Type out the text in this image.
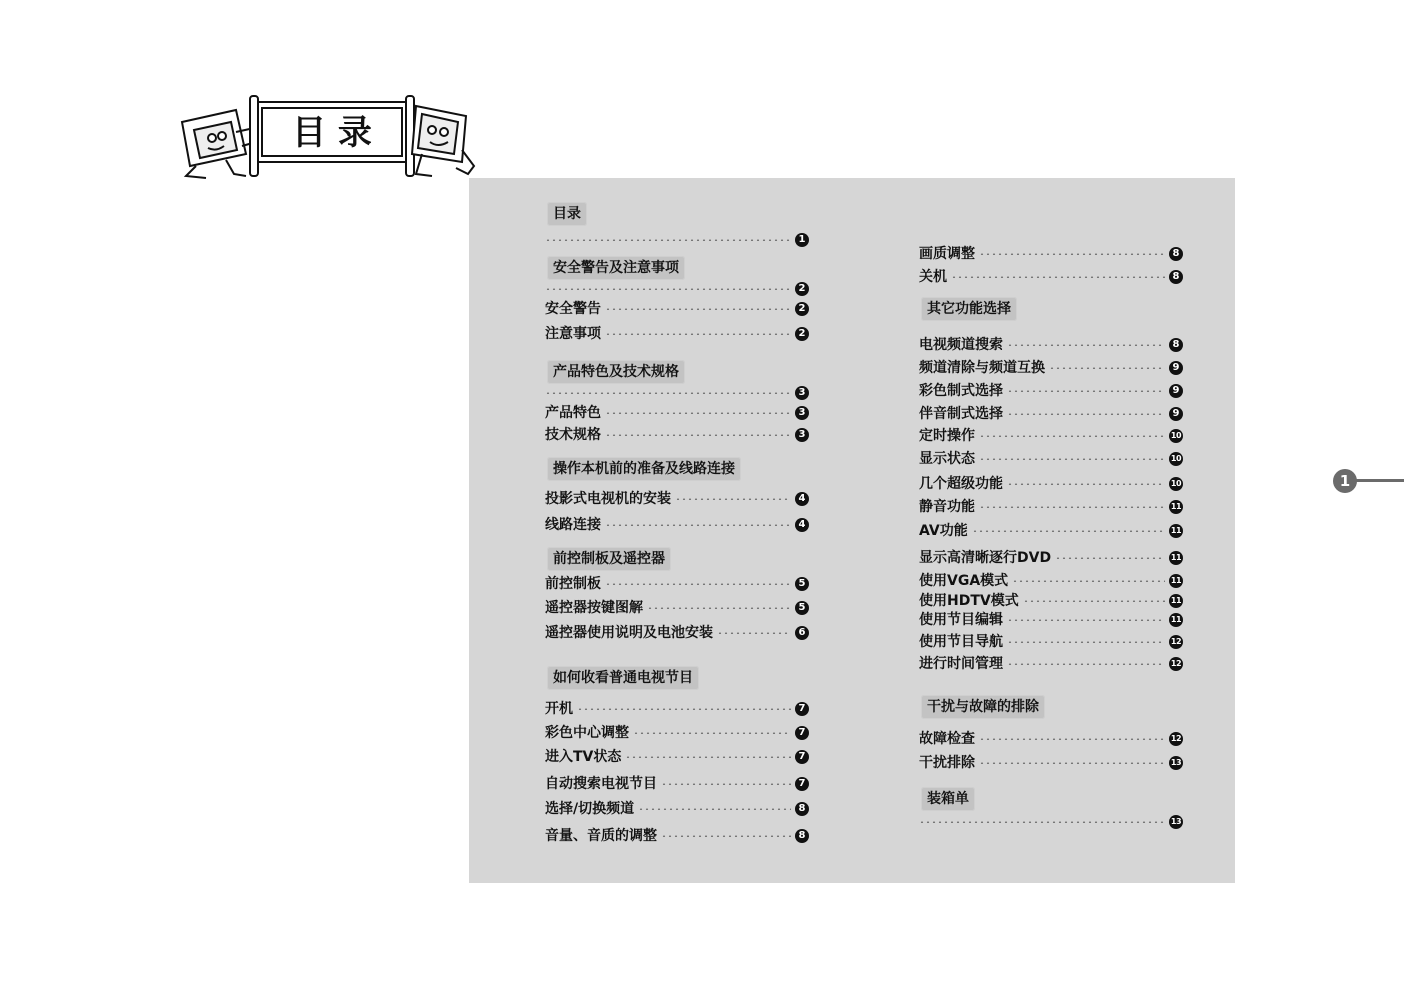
目 录
目录
1
安全警告及注意事项
2
安全警告	2
注意事项	2
产品特色及技术规格
3
产品特色	3
技术规格	3
操作本机前的准备及线路连接
投影式电视机的安装	4
线路连接	4
前控制板及遥控器
前控制板	5
遥控器按键图解	5
遥控器使用说明及电池安装	6
如何收看普通电视节目
开机	7
彩色中心调整	7
进入TV状态	7
自动搜索电视节目	7
选择/切换频道	8
音量、音质的调整	8
画质调整	8
关机	8
其它功能选择
电视频道搜索	8
频道清除与频道互换	9
彩色制式选择	9
伴音制式选择	9
定时操作	10
显示状态	10
几个超级功能	10
静音功能	11
AV功能	11
显示高清晰逐行DVD	11
使用VGA模式	11
使用HDTV模式	11
使用节目编辑	11
使用节目导航	12
进行时间管理	12
干扰与故障的排除
故障检查	12
干扰排除	13
装箱单
13
1
